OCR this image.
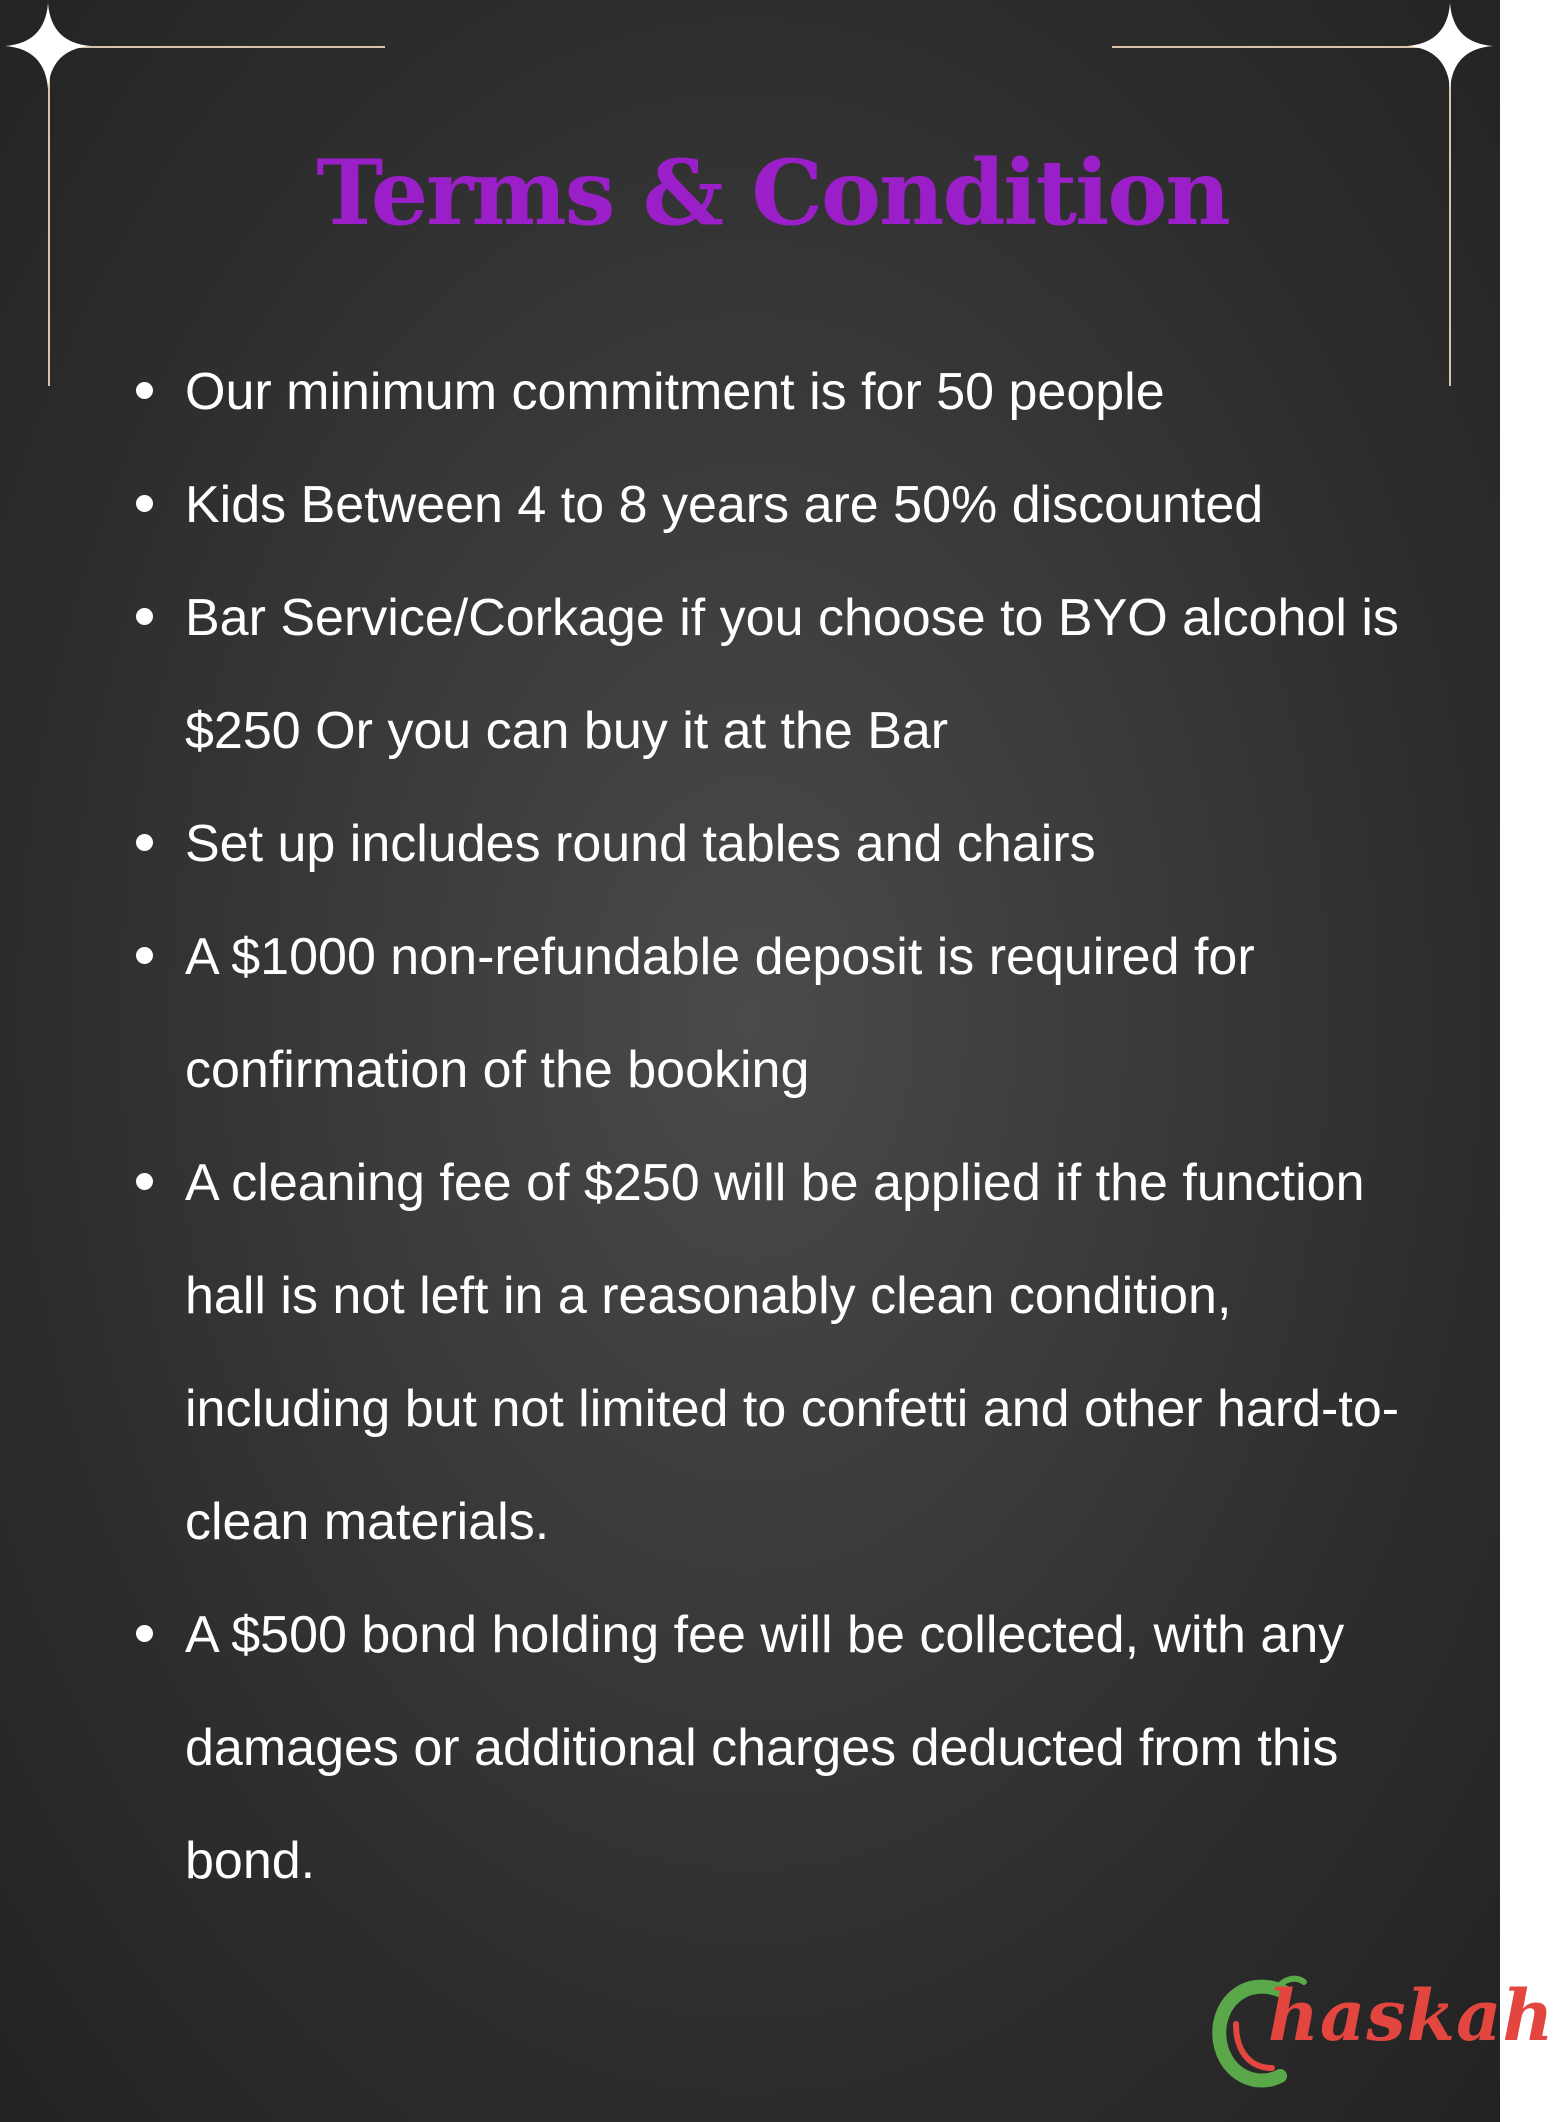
Terms & Condition
Our minimum commitment is for 50 people
Kids Between 4 to 8 years are 50% discounted
Bar Service/Corkage if you choose to BYO alcohol is $250 Or you can buy it at the Bar
Set up includes round tables and chairs
A $1000 non-refundable deposit is required for confirmation of the booking
A cleaning fee of $250 will be applied if the function hall is not left in a reasonably clean condition, including but not limited to confetti and other hard-to-clean materials.
A $500 bond holding fee will be collected, with any damages or additional charges deducted from this bond.
haskah
